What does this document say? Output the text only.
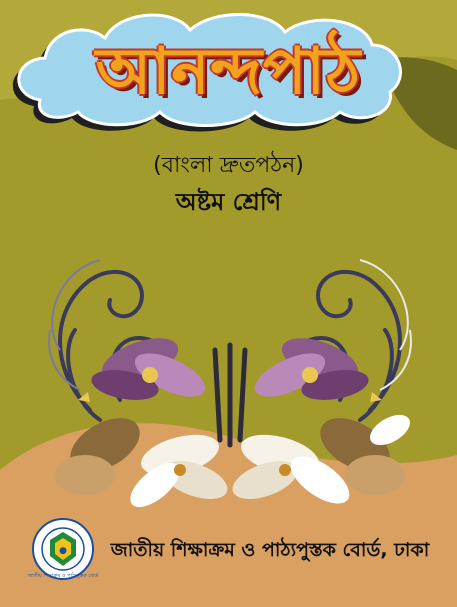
আনন্দপাঠ
(বাংলা দ্রুতপঠন)
অষ্টম শ্রেণি
●
জাতীয় শিক্ষাক্রম ও পাঠ্যপুস্তক বোর্ড
জাতীয় শিক্ষাক্রম ও পাঠ্যপুস্তক বোর্ড, ঢাকা
